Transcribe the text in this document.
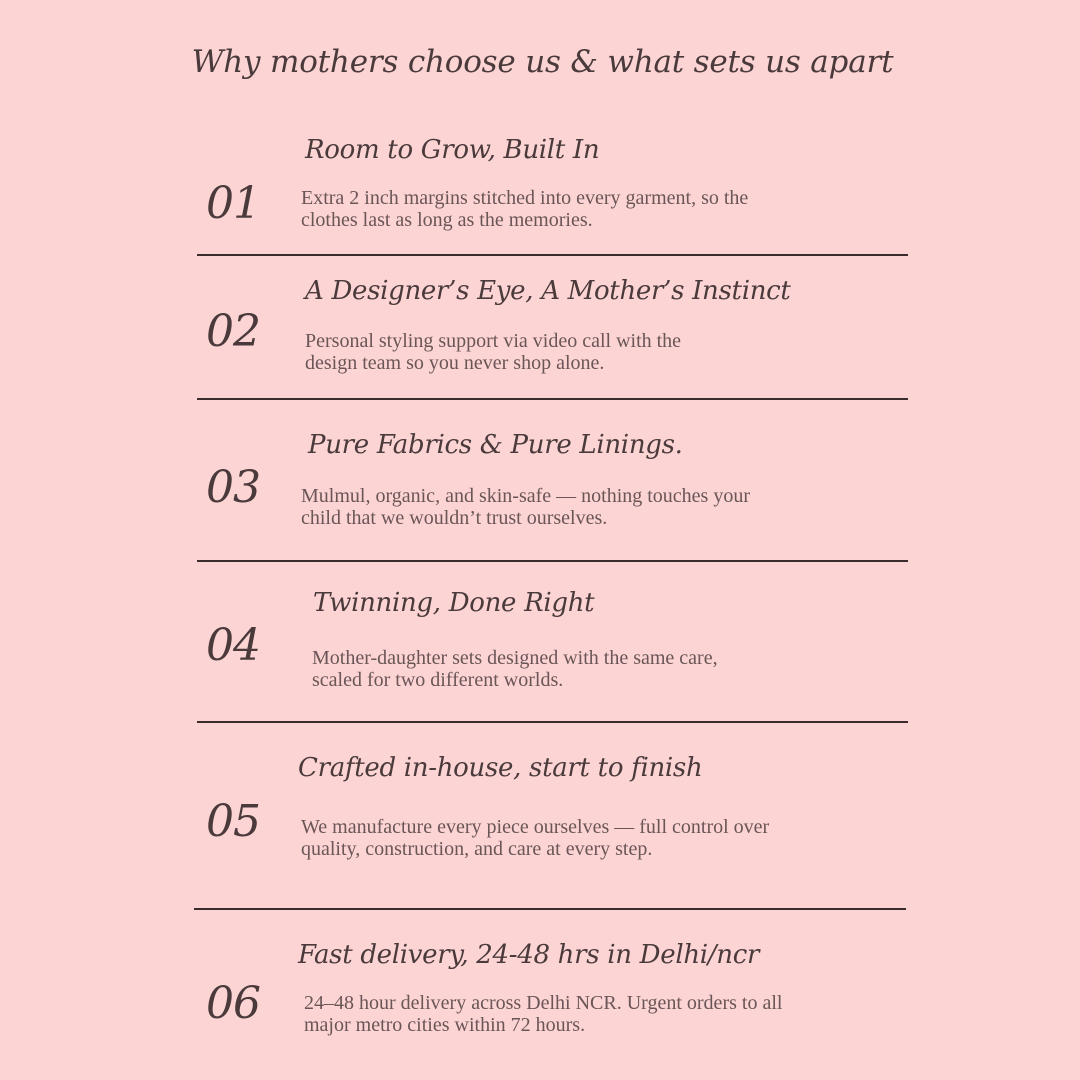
Why mothers choose us & what sets us apart
Room to Grow, Built In
01 Extra 2 inch margins stitched into every garment, so the clothes last as long as the memories.

A Designer’s Eye, A Mother’s Instinct
02 Personal styling support via video call with the design team so you never shop alone.

Pure Fabrics & Pure Linings.
03 Mulmul, organic, and skin-safe — nothing touches your child that we wouldn’t trust ourselves.

Twinning, Done Right
04	Mother-daughter sets designed with the same care, scaled for two different worlds.

Crafted in-house, start to finish
05 We manufacture every piece ourselves — full control over quality, construction, and care at every step.

Fast delivery, 24-48 hrs in Delhi/ncr
06 24–48 hour delivery across Delhi NCR. Urgent orders to all major metro cities within 72 hours.
